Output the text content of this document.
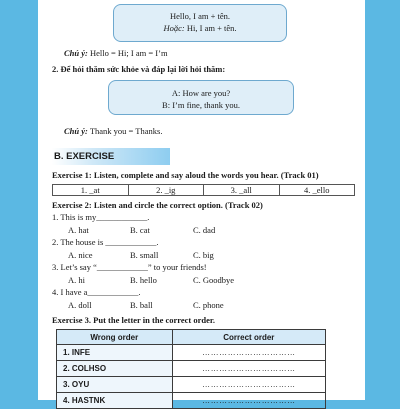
Hello, I am + tên.
Hoặc: Hi, I am + tên.
Chú ý: Hello = Hi; I am = I’m
2. Để hỏi thăm sức khỏe và đáp lại lời hỏi thăm:
A: How are you?
B: I’m fine, thank you.
Chú ý: Thank you = Thanks.
B. EXERCISE
Exercise 1: Listen, complete and say aloud the words you hear. (Track 01)
1. _at	2. _ig	3. _all	4. _ello
Exercise 2: Listen and circle the correct option. (Track 02)
1. This is my____________.
A. hat	B. cat	C. dad
2. The house is ____________.
A. nice	B. small	C. big
3. Let’s say “____________” to your friends!
A. hi	B. hello	C. Goodbye
4. I have a____________.
A. doll	B. ball	C. phone
Exercise 3. Put the letter in the correct order.
Wrong order	Correct order
1. INFE	……………………………
2. COLHSO	……………………………
3. OYU	……………………………
4. HASTNK	……………………………
